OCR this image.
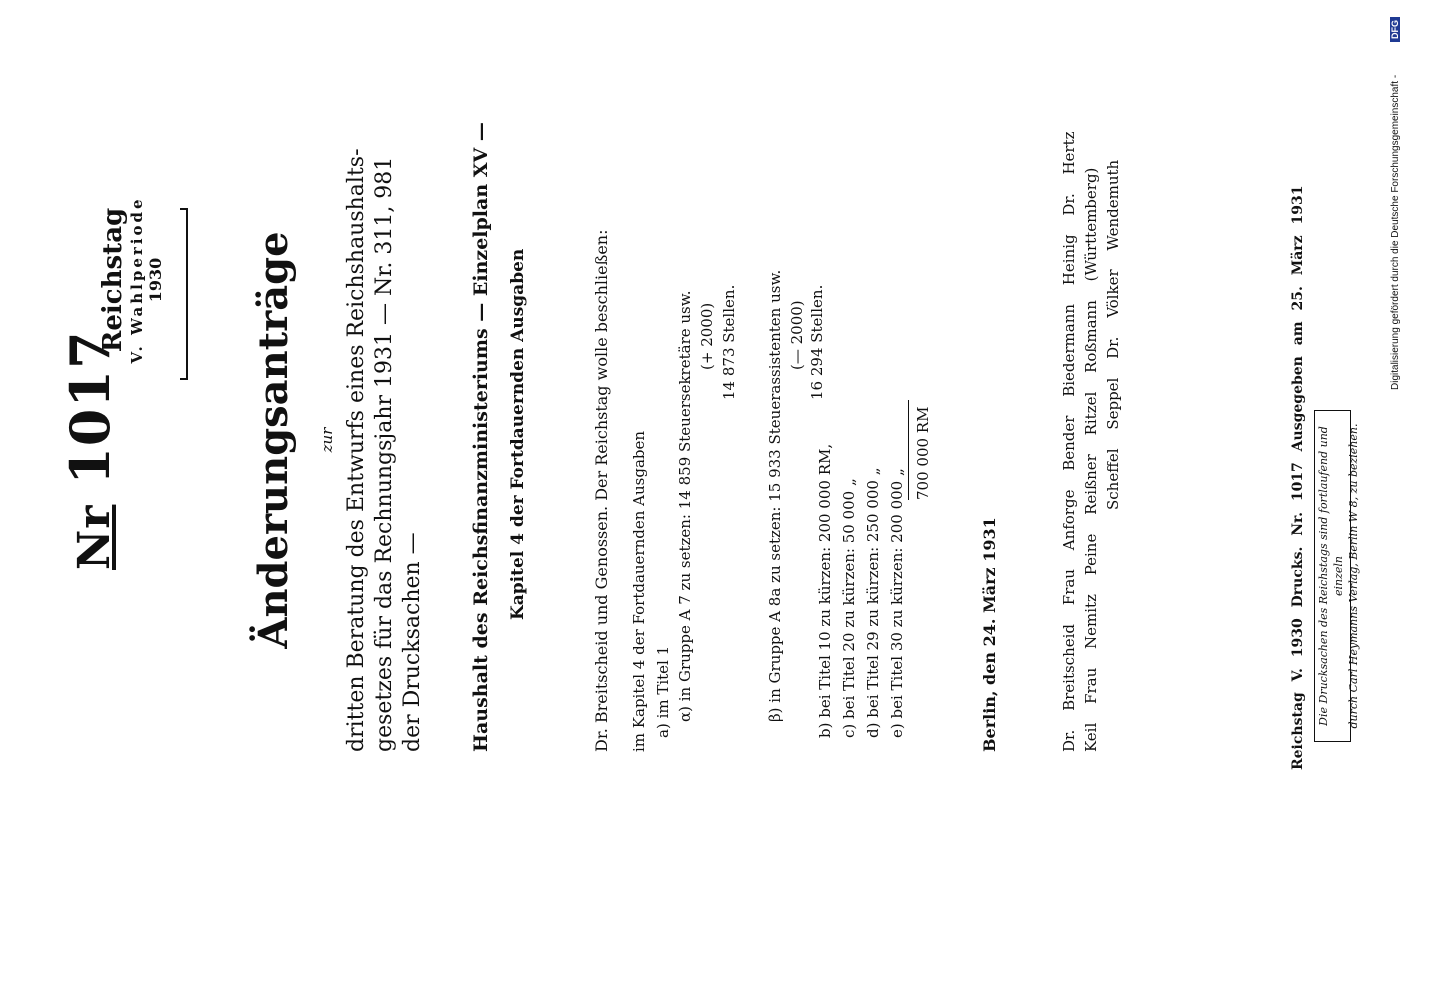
Nr 1017
Reichstag V. Wahlperiode 1930 Änderungsanträge zur dritten Beratung des Entwurfs eines Reichshaushalts- gesetzes für das Rechnungsjahr 1931 — Nr. 311, 981 der Drucksachen — Haushalt des Reichsfinanzministeriums — Einzelplan XV — Kapitel 4 der Fortdauernden Ausgaben	Dr. Breitscheid und Genossen. Der Reichstag wolle beschließen: im Kapitel 4 der Fortdauernden Ausgaben a) im Titel 1 α) in Gruppe A 7 zu setzen: 14 859 Steuersekretäre usw. (+ 2000) 14 873 Stellen. β) in Gruppe A 8a zu setzen: 15 933 Steuerassistenten usw. (— 2000) 16 294 Stellen.
b) bei Titel 10 zu kürzen: 200 000 RM, c) bei Titel 20 zu kürzen: 50 000 „ d) bei Titel 29 zu kürzen: 250 000 „ e) bei Titel 30 zu kürzen: 200 000 „
700 000 RM
Berlin, den 24. März 1931	Dr. Breitscheid Frau Anforge Bender Biedermann Heinig Dr. Hertz Keil Frau Nemitz Peine Reißner Ritzel Roßmann (Württemberg) Scheffel Seppel Dr. Völker Wendemuth	Reichstag V. 1930 Drucks. Nr. 1017 Ausgegeben am 25. März 1931 Die Drucksachen des Reichstags sind fortlaufend und einzeln durch Carl Heymanns Verlag, Berlin W 8, zu beziehen.
Digitalisierung gefördert durch die Deutsche Forschungsgemeinschaft -
DFG
